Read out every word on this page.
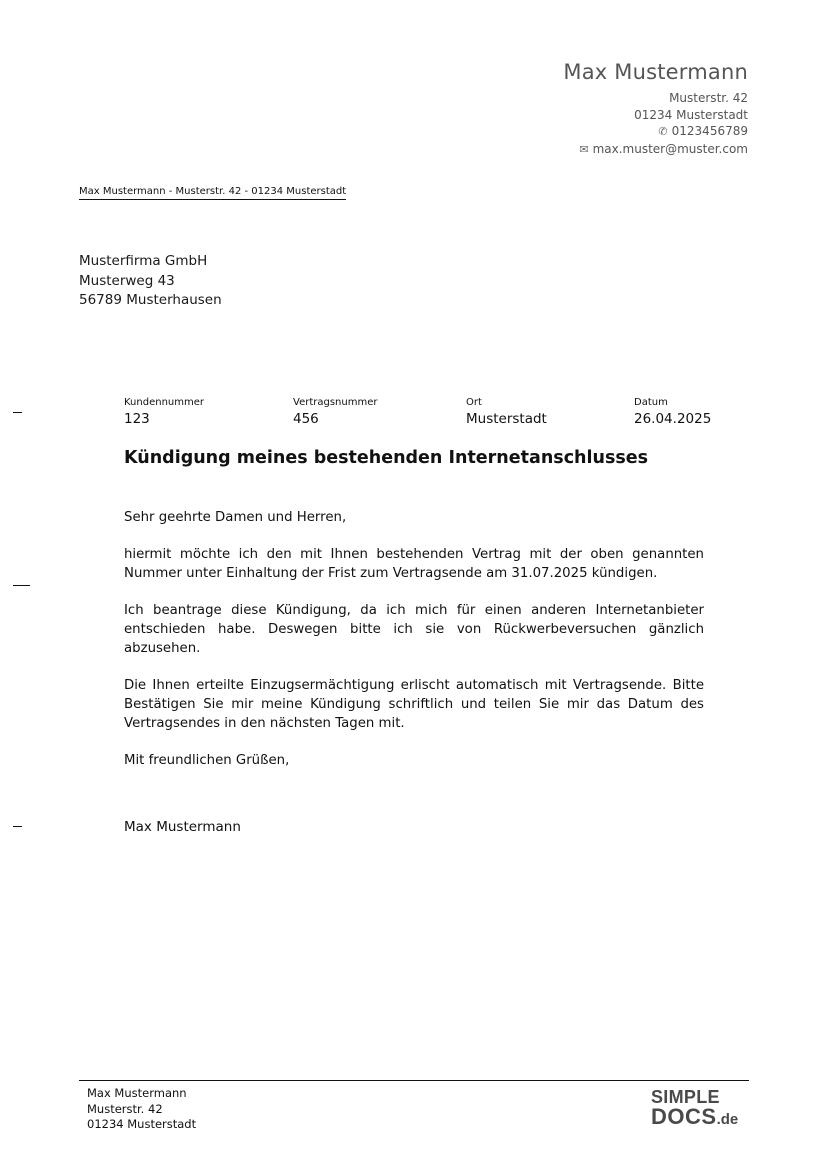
Max Mustermann
Musterstr. 42
01234 Musterstadt
✆ 0123456789
✉ max.muster@muster.com
Max Mustermann - Musterstr. 42 - 01234 Musterstadt
Musterfirma GmbH
Musterweg 43
56789 Musterhausen
Kundennummer
123
Vertragsnummer
456
Ort
Musterstadt
Datum
26.04.2025
Kündigung meines bestehenden Internetanschlusses

Sehr geehrte Damen und Herren,

hiermit möchte ich den mit Ihnen bestehenden Vertrag mit der oben genannten Nummer unter Einhaltung der Frist zum Vertragsende am 31.07.2025 kündigen.

Ich beantrage diese Kündigung, da ich mich für einen anderen Internetanbieter entschieden habe. Deswegen bitte ich sie von Rückwerbeversuchen gänzlich abzusehen.

Die Ihnen erteilte Einzugsermächtigung erlischt automatisch mit Vertragsende. Bitte Bestätigen Sie mir meine Kündigung schriftlich und teilen Sie mir das Datum des Vertragsendes in den nächsten Tagen mit.

Mit freundlichen Grüßen,

Max Mustermann
Max Mustermann
Musterstr. 42
01234 Musterstadt
SIMPLE
DOCS.de
